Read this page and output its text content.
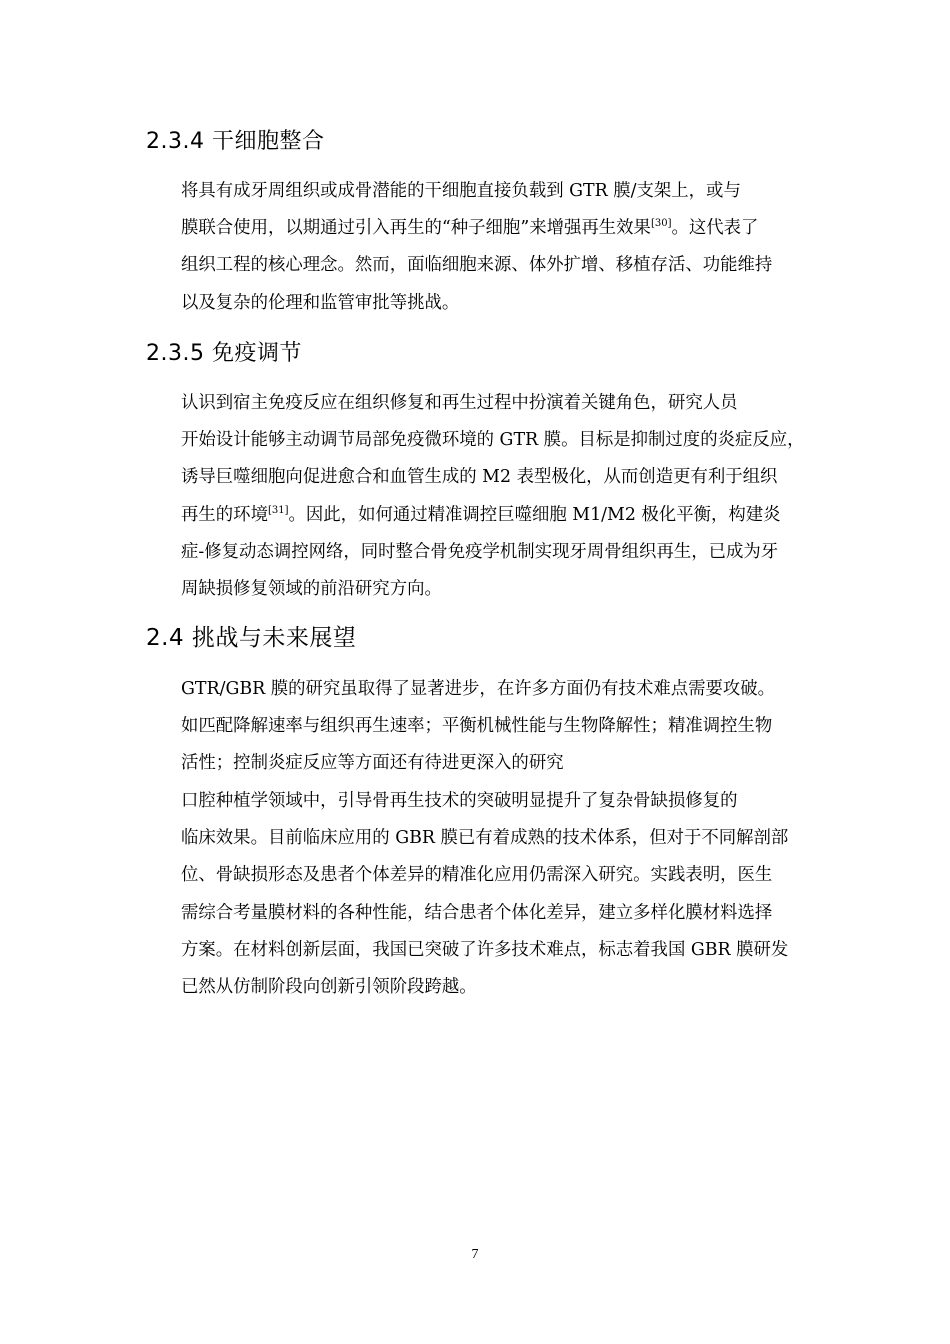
2.3.4 干细胞整合

将具有成牙周组织或成骨潜能的干细胞直接负载到 GTR 膜/支架上，或与
膜联合使用，以期通过引入再生的“种子细胞”来增强再生效果[30]。这代表了
组织工程的核心理念。然而，面临细胞来源、体外扩增、移植存活、功能维持
以及复杂的伦理和监管审批等挑战。

2.3.5 免疫调节

认识到宿主免疫反应在组织修复和再生过程中扮演着关键角色，研究人员
开始设计能够主动调节局部免疫微环境的 GTR 膜。目标是抑制过度的炎症反应，
诱导巨噬细胞向促进愈合和血管生成的 M2 表型极化，从而创造更有利于组织
再生的环境[31]。因此，如何通过精准调控巨噬细胞 M1/M2 极化平衡，构建炎
症-修复动态调控网络，同时整合骨免疫学机制实现牙周骨组织再生，已成为牙
周缺损修复领域的前沿研究方向。

2.4 挑战与未来展望

GTR/GBR 膜的研究虽取得了显著进步，在许多方面仍有技术难点需要攻破。
如匹配降解速率与组织再生速率；平衡机械性能与生物降解性；精准调控生物
活性；控制炎症反应等方面还有待进更深入的研究

口腔种植学领域中，引导骨再生技术的突破明显提升了复杂骨缺损修复的
临床效果。目前临床应用的 GBR 膜已有着成熟的技术体系，但对于不同解剖部
位、骨缺损形态及患者个体差异的精准化应用仍需深入研究。实践表明，医生
需综合考量膜材料的各种性能，结合患者个体化差异，建立多样化膜材料选择
方案。在材料创新层面，我国已突破了许多技术难点，标志着我国 GBR 膜研发
已然从仿制阶段向创新引领阶段跨越。

7
